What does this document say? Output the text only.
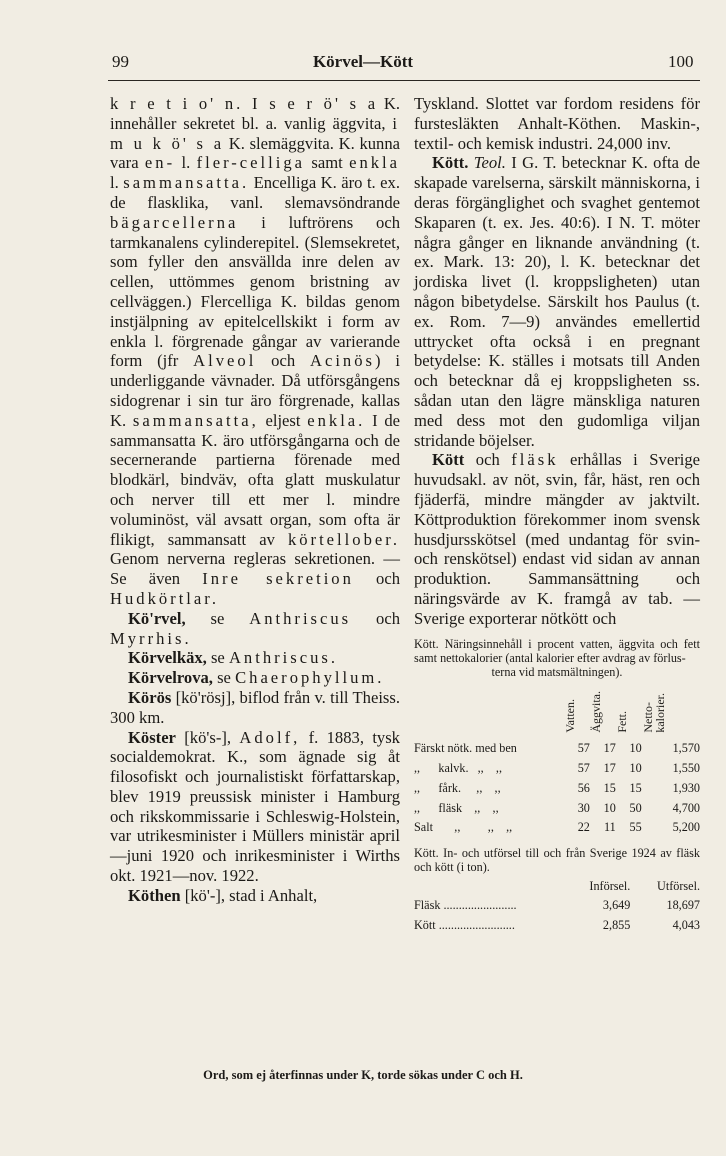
99	Körvel—Kött	100

k r e t i o' n. I s e r ö' s a K. innehåller sekretet bl. a. vanlig äggvita, i m u k ö' s a K. slemäggvita. K. kunna vara en- l. fler-celliga samt enkla l. sammansatta. Encelliga K. äro t. ex. de flasklika, vanl. slemavsöndrande bägarcellerna i luftrörens och tarmkanalens cylinderepitel. (Slemsekretet, som fyller den ansvällda inre delen av cellen, uttömmes genom bristning av cellväggen.) Flercelliga K. bildas genom instjälpning av epitelcellskikt i form av enkla l. förgrenade gångar av varierande form (jfr Alveol och Acinös) i underliggande vävnader. Då utförsgångens sidogrenar i sin tur äro förgrenade, kallas K. sammansatta, eljest enkla. I de sammansatta K. äro utförsgångarna och de secernerande partierna förenade med blodkärl, bindväv, ofta glatt muskulatur och nerver till ett mer l. mindre voluminöst, väl avsatt organ, som ofta är flikigt, sammansatt av körtellober. Genom nerverna regleras sekretionen. — Se även Inre sekretion och Hudkörtlar.

Kö'rvel, se Anthriscus och Myrrhis.

Körvelkäx, se Anthriscus.

Körvelrova, se Chaerophyllum.

Körös [kö'rösj], biflod från v. till Theiss. 300 km.

Köster [kö's-], Adolf, f. 1883, tysk socialdemokrat. K., som ägnade sig åt filosofiskt och journalistiskt författarskap, blev 1919 preussisk minister i Hamburg och rikskommissarie i Schleswig-Holstein, var utrikesminister i Müllers ministär april —juni 1920 och inrikesminister i Wirths okt. 1921—nov. 1922.

Köthen [kö'-], stad i Anhalt,

Tyskland. Slottet var fordom residens för furstesläkten Anhalt-Köthen. Maskin-, textil- och kemisk industri. 24,000 inv.

Kött. Teol. I G. T. betecknar K. ofta de skapade varelserna, särskilt människorna, i deras förgänglighet och svaghet gentemot Skaparen (t. ex. Jes. 40:6). I N. T. möter några gånger en liknande användning (t. ex. Mark. 13: 20), l. K. betecknar det jordiska livet (l. kroppsligheten) utan någon bibetydelse. Särskilt hos Paulus (t. ex. Rom. 7—9) användes emellertid uttrycket ofta också i en pregnant betydelse: K. ställes i motsats till Anden och betecknar då ej kroppsligheten ss. sådan utan den lägre mänskliga naturen med dess mot den gudomliga viljan stridande böjelser.

Kött och fläsk erhållas i Sverige huvudsakl. av nöt, svin, får, häst, ren och fjäderfä, mindre mängder av jaktvilt. Köttproduktion förekommer inom svensk husdjursskötsel (med undantag för svin- och renskötsel) endast vid sidan av annan produktion. Sammansättning och näringsvärde av K. framgå av tab. — Sverige exporterar nötkött och

Kött. Näringsinnehåll i procent vatten, äggvita och fett samt nettokalorier (antal kalorier efter avdrag av förlus-

terna vid matsmältningen).

	Vatten.	Äggvita.	Fett.	Netto-
kalorier.
Färskt nötk. med ben	57	17	10	1,570
,,      kalvk.   ,,    ,,	57	17	10	1,550
,,      fårk.     ,,    ,,	56	15	15	1,930
,,      fläsk    ,,    ,,	30	10	50	4,700
Salt       ,,         ,,    ,,	22	11	55	5,200

Kött. In- och utförsel till och från Sverige 1924 av fläsk och kött (i ton).

	Införsel.	Utförsel.
Fläsk ........................	3,649	18,697
Kött .........................	2,855	4,043
Ord, som ej återfinnas under K, torde sökas under C och H.
